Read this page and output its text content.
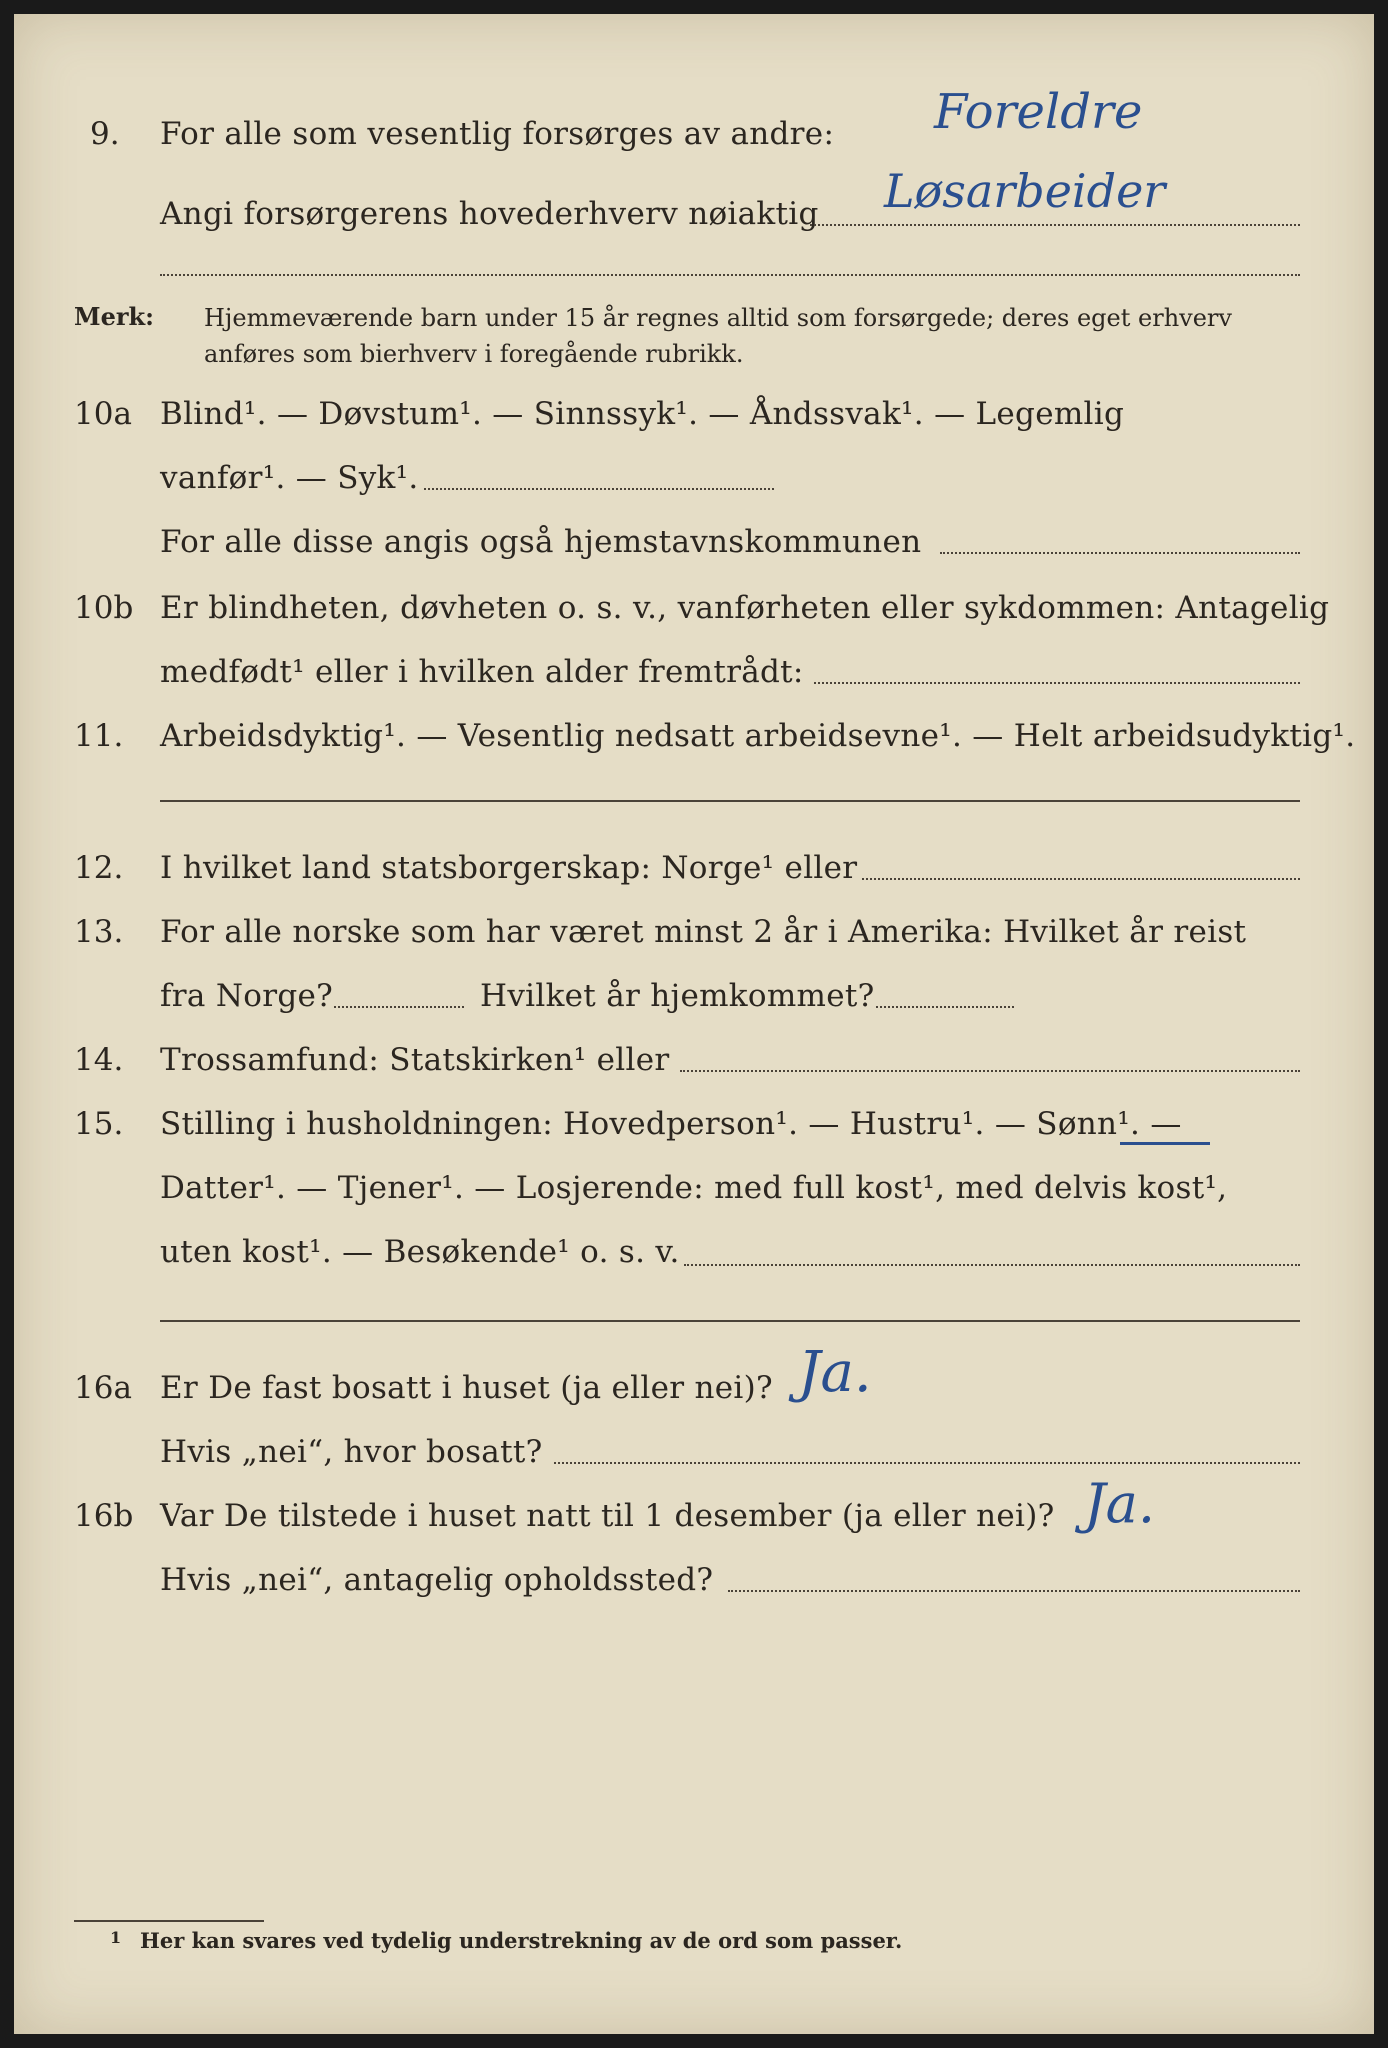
9. For alle som vesentlig forsørges av andre: Foreldre
Angi forsørgerens hovederhverv nøiaktig Løsarbeider
Merk: Hjemmeværende barn under 15 år regnes alltid som forsørgede; deres eget erhverv
anføres som bierhverv i foregående rubrikk.
10a Blind¹. — Døvstum¹. — Sinnssyk¹. — Åndssvak¹. — Legemlig
vanfør¹. — Syk¹.
For alle disse angis også hjemstavnskommunen
10b Er blindheten, døvheten o. s. v., vanførheten eller sykdommen: Antagelig
medfødt¹ eller i hvilken alder fremtrådt:
11. Arbeidsdyktig¹. — Vesentlig nedsatt arbeidsevne¹. — Helt arbeidsudyktig¹.
12. I hvilket land statsborgerskap: Norge¹ eller
13. For alle norske som har været minst 2 år i Amerika: Hvilket år reist
fra Norge?	Hvilket år hjemkommet?
14. Trossamfund: Statskirken¹ eller
15. Stilling i husholdningen: Hovedperson¹. — Hustru¹. — Sønn¹. —
Datter¹. — Tjener¹. — Losjerende: med full kost¹, med delvis kost¹,
uten kost¹. — Besøkende¹ o. s. v.
16a Er De fast bosatt i huset (ja eller nei)? Ja.
Hvis „nei“, hvor bosatt?
16b Var De tilstede i huset natt til 1 desember (ja eller nei)? Ja.
Hvis „nei“, antagelig opholdssted?
1 Her kan svares ved tydelig understrekning av de ord som passer.
